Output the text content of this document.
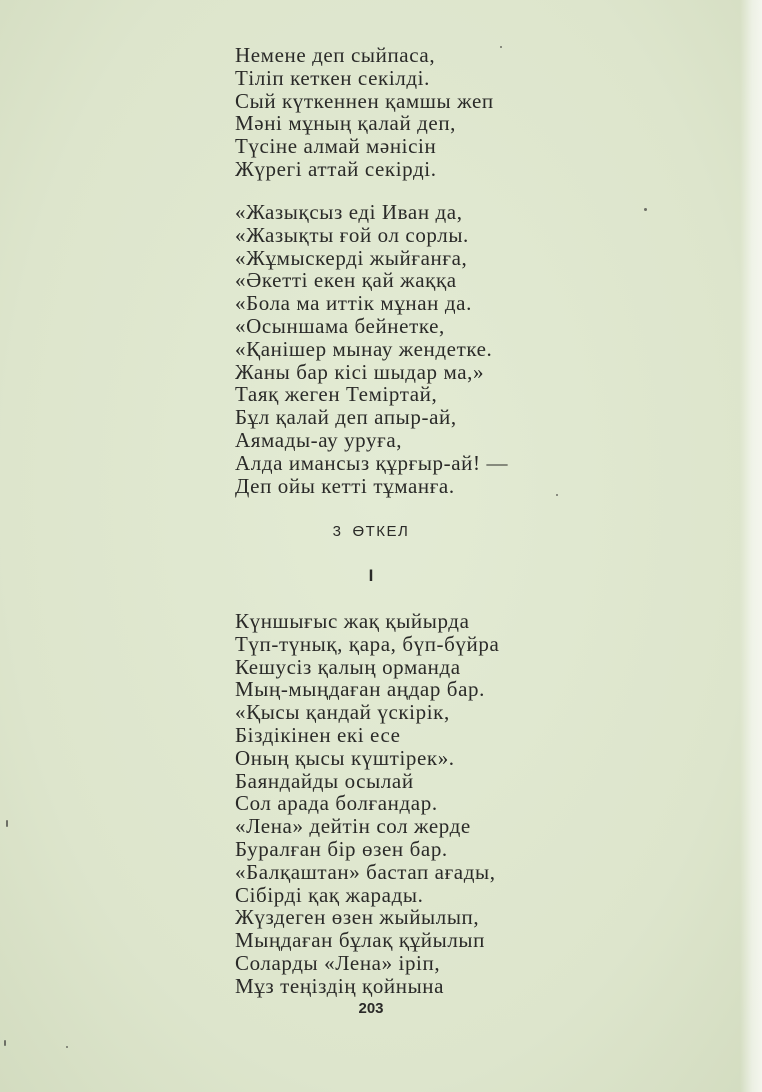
Немене деп сыйпаса,
Тіліп кеткен секілді.
Сый күткеннен қамшы жеп
Мәні мұның қалай деп,
Түсіне алмай мәнісін
Жүрегі аттай секірді.
«Жазықсыз еді Иван да,
«Жазықты ғой ол сорлы.
«Жұмыскерді жыйғанға,
«Әкетті екен қай жаққа
«Бола ма иттік мұнан да.
«Осыншама бейнетке,
«Қанішер мынау жендетке.
Жаны бар кісі шыдар ма,»
Таяқ жеген Теміртай,
Бұл қалай деп апыр-ай,
Аямады-ау уруға,
Алда имансыз құрғыр-ай! —
Деп ойы кетті тұманға.
3 ӨТКЕЛ
I
Күншығыс жақ қыйырда
Түп-түнық, қара, бүп-бүйра
Кешусіз қалың орманда
Мың-мыңдаған аңдар бар.
«Қысы қандай үскірік,
Біздікінен екі есе
Оның қысы күштірек».
Баяндайды осылай
Сол арада болғандар.
«Лена» дейтін сол жерде
Буралған бір өзен бар.
«Балқаштан» бастап ағады,
Сібірді қақ жарады.
Жүздеген өзен жыйылып,
Мыңдаған бұлақ құйылып
Соларды «Лена» іріп,
Мұз теңіздің қойнына
203
